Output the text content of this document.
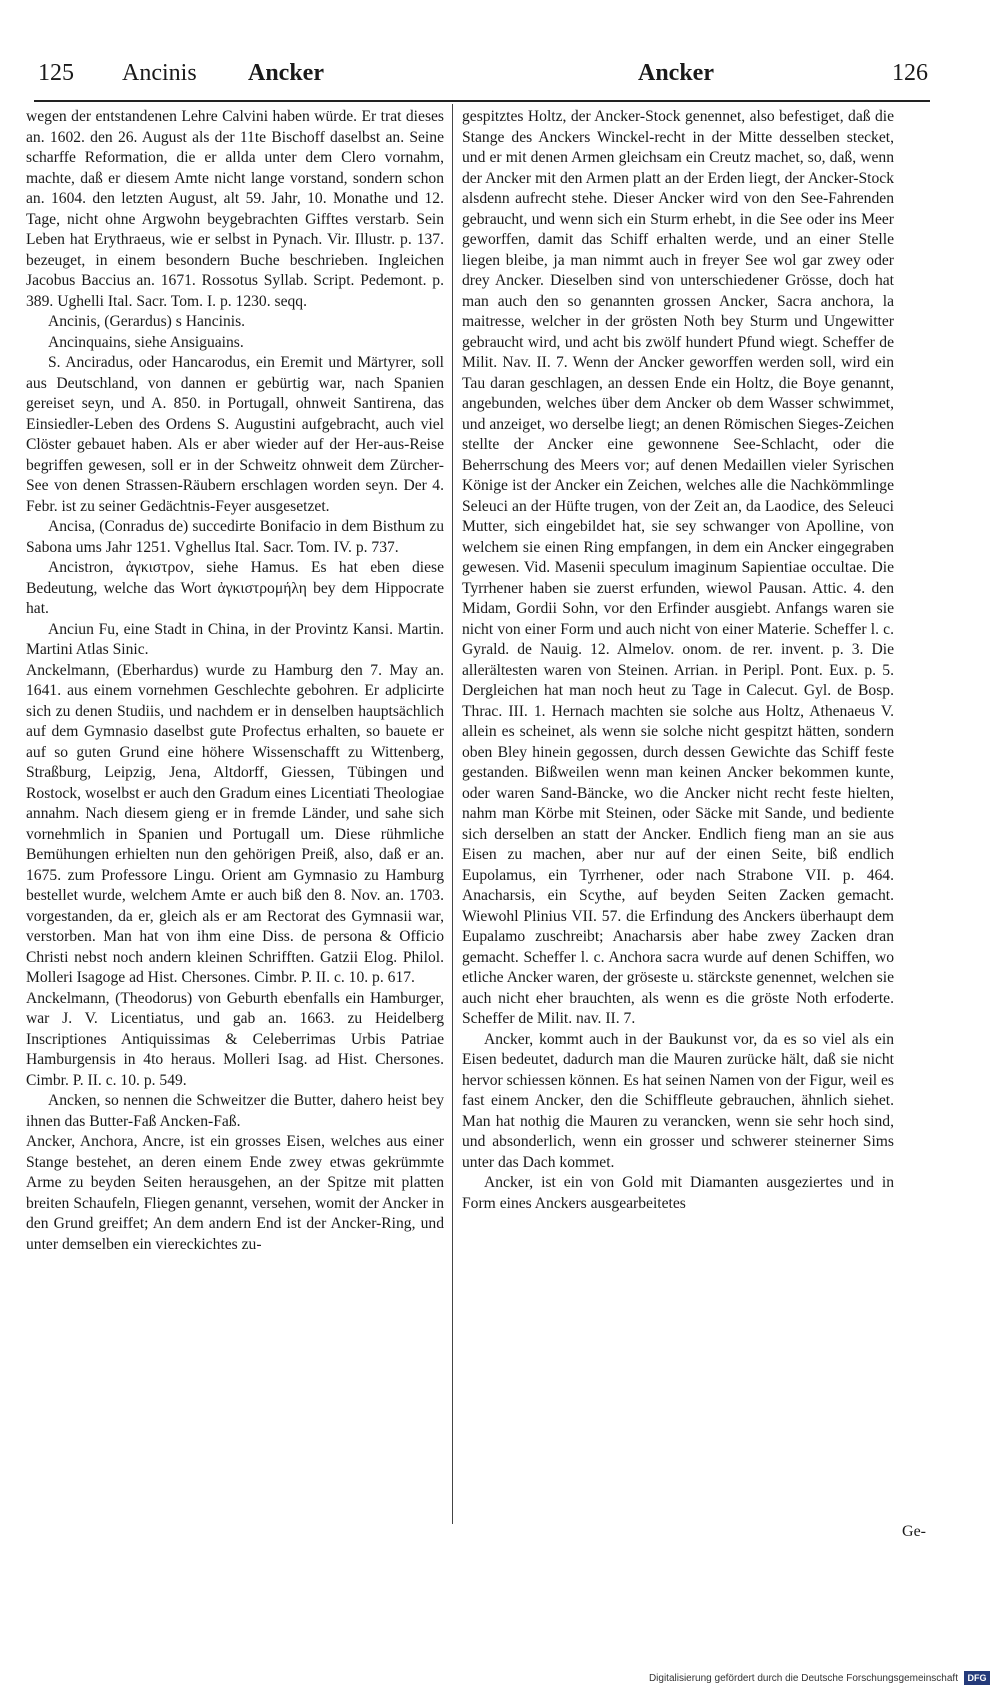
125 Ancinis Ancker	Ancker	126

wegen der entstandenen Lehre Calvini haben würde. Er trat dieses an. 1602. den 26. August als der 11te Bischoff daselbst an. Seine scharffe Reformation, die er allda unter dem Clero vornahm, machte, daß er diesem Amte nicht lange vorstand, sondern schon an. 1604. den letzten August, alt 59. Jahr, 10. Monathe und 12. Tage, nicht ohne Argwohn beygebrachten Gifftes verstarb. Sein Leben hat Erythraeus, wie er selbst in Pynach. Vir. Illustr. p. 137. bezeuget, in einem besondern Buche beschrieben. Ingleichen Jacobus Baccius an. 1671. Rossotus Syllab. Script. Pedemont. p. 389. Ughelli Ital. Sacr. Tom. I. p. 1230. seqq.

Ancinis, (Gerardus) s Hancinis.

Ancinquains, siehe Ansiguains.

S. Anciradus, oder Hancarodus, ein Eremit und Märtyrer, soll aus Deutschland, von dannen er gebürtig war, nach Spanien gereiset seyn, und A. 850. in Portugall, ohnweit Santirena, das Einsiedler-Leben des Ordens S. Augustini aufgebracht, auch viel Clöster gebauet haben. Als er aber wieder auf der Her-aus-Reise begriffen gewesen, soll er in der Schweitz ohnweit dem Zürcher-See von denen Strassen-Räubern erschlagen worden seyn. Der 4. Febr. ist zu seiner Gedächtnis-Feyer ausgesetzet.

Ancisa, (Conradus de) succedirte Bonifacio in dem Bisthum zu Sabona ums Jahr 1251. Vghellus Ital. Sacr. Tom. IV. p. 737.

Ancistron, ἀγκιστρον, siehe Hamus. Es hat eben diese Bedeutung, welche das Wort ἀγκιστρομήλη bey dem Hippocrate hat.

Anciun Fu, eine Stadt in China, in der Provintz Kansi. Martin. Martini Atlas Sinic.

Anckelmann, (Eberhardus) wurde zu Hamburg den 7. May an. 1641. aus einem vornehmen Geschlechte gebohren. Er adplicirte sich zu denen Studiis, und nachdem er in denselben hauptsächlich auf dem Gymnasio daselbst gute Profectus erhalten, so bauete er auf so guten Grund eine höhere Wissenschafft zu Wittenberg, Straßburg, Leipzig, Jena, Altdorff, Giessen, Tübingen und Rostock, woselbst er auch den Gradum eines Licentiati Theologiae annahm. Nach diesem gieng er in fremde Länder, und sahe sich vornehmlich in Spanien und Portugall um. Diese rühmliche Bemühungen erhielten nun den gehörigen Preiß, also, daß er an. 1675. zum Professore Lingu. Orient am Gymnasio zu Hamburg bestellet wurde, welchem Amte er auch biß den 8. Nov. an. 1703. vorgestanden, da er, gleich als er am Rectorat des Gymnasii war, verstorben. Man hat von ihm eine Diss. de persona & Officio Christi nebst noch andern kleinen Schrifften. Gatzii Elog. Philol. Molleri Isagoge ad Hist. Chersones. Cimbr. P. II. c. 10. p. 617.

Anckelmann, (Theodorus) von Geburth ebenfalls ein Hamburger, war J. V. Licentiatus, und gab an. 1663. zu Heidelberg Inscriptiones Antiquissimas & Celeberrimas Urbis Patriae Hamburgensis in 4to heraus. Molleri Isag. ad Hist. Chersones. Cimbr. P. II. c. 10. p. 549.

Ancken, so nennen die Schweitzer die Butter, dahero heist bey ihnen das Butter-Faß Ancken-Faß.

Ancker, Anchora, Ancre, ist ein grosses Eisen, welches aus einer Stange bestehet, an deren einem Ende zwey etwas gekrümmte Arme zu beyden Seiten herausgehen, an der Spitze mit platten breiten Schaufeln, Fliegen genannt, versehen, womit der Ancker in den Grund greiffet; An dem andern End ist der Ancker-Ring, und unter demselben ein viereckichtes zu-

gespitztes Holtz, der Ancker-Stock genennet, also befestiget, daß die Stange des Anckers Winckel-recht in der Mitte desselben stecket, und er mit denen Armen gleichsam ein Creutz machet, so, daß, wenn der Ancker mit den Armen platt an der Erden liegt, der Ancker-Stock alsdenn aufrecht stehe. Dieser Ancker wird von den See-Fahrenden gebraucht, und wenn sich ein Sturm erhebt, in die See oder ins Meer geworffen, damit das Schiff erhalten werde, und an einer Stelle liegen bleibe, ja man nimmt auch in freyer See wol gar zwey oder drey Ancker. Dieselben sind von unterschiedener Grösse, doch hat man auch den so genannten grossen Ancker, Sacra anchora, la maitresse, welcher in der grösten Noth bey Sturm und Ungewitter gebraucht wird, und acht bis zwölf hundert Pfund wiegt. Scheffer de Milit. Nav. II. 7. Wenn der Ancker geworffen werden soll, wird ein Tau daran geschlagen, an dessen Ende ein Holtz, die Boye genannt, angebunden, welches über dem Ancker ob dem Wasser schwimmet, und anzeiget, wo derselbe liegt; an denen Römischen Sieges-Zeichen stellte der Ancker eine gewonnene See-Schlacht, oder die Beherrschung des Meers vor; auf denen Medaillen vieler Syrischen Könige ist der Ancker ein Zeichen, welches alle die Nachkömmlinge Seleuci an der Hüfte trugen, von der Zeit an, da Laodice, des Seleuci Mutter, sich eingebildet hat, sie sey schwanger von Apolline, von welchem sie einen Ring empfangen, in dem ein Ancker eingegraben gewesen. Vid. Masenii speculum imaginum Sapientiae occultae. Die Tyrrhener haben sie zuerst erfunden, wiewol Pausan. Attic. 4. den Midam, Gordii Sohn, vor den Erfinder ausgiebt. Anfangs waren sie nicht von einer Form und auch nicht von einer Materie. Scheffer l. c. Gyrald. de Nauig. 12. Almelov. onom. de rer. invent. p. 3. Die allerältesten waren von Steinen. Arrian. in Peripl. Pont. Eux. p. 5. Dergleichen hat man noch heut zu Tage in Calecut. Gyl. de Bosp. Thrac. III. 1. Hernach machten sie solche aus Holtz, Athenaeus V. allein es scheinet, als wenn sie solche nicht gespitzt hätten, sondern oben Bley hinein gegossen, durch dessen Gewichte das Schiff feste gestanden. Bißweilen wenn man keinen Ancker bekommen kunte, oder waren Sand-Bäncke, wo die Ancker nicht recht feste hielten, nahm man Körbe mit Steinen, oder Säcke mit Sande, und bediente sich derselben an statt der Ancker. Endlich fieng man an sie aus Eisen zu machen, aber nur auf der einen Seite, biß endlich Eupolamus, ein Tyrrhener, oder nach Strabone VII. p. 464. Anacharsis, ein Scythe, auf beyden Seiten Zacken gemacht. Wiewohl Plinius VII. 57. die Erfindung des Anckers überhaupt dem Eupalamo zuschreibt; Anacharsis aber habe zwey Zacken dran gemacht. Scheffer l. c. Anchora sacra wurde auf denen Schiffen, wo etliche Ancker waren, der gröseste u. stärckste genennet, welchen sie auch nicht eher brauchten, als wenn es die gröste Noth erfoderte. Scheffer de Milit. nav. II. 7.

Ancker, kommt auch in der Baukunst vor, da es so viel als ein Eisen bedeutet, dadurch man die Mauren zurücke hält, daß sie nicht hervor schiessen können. Es hat seinen Namen von der Figur, weil es fast einem Ancker, den die Schiffleute gebrauchen, ähnlich siehet. Man hat nothig die Mauren zu verancken, wenn sie sehr hoch sind, und absonderlich, wenn ein grosser und schwerer steinerner Sims unter das Dach kommet.

Ancker, ist ein von Gold mit Diamanten ausgeziertes und in Form eines Anckers ausgearbeitetes

Ge-
Digitalisierung gefördert durch die Deutsche Forschungsgemeinschaft	DFG
